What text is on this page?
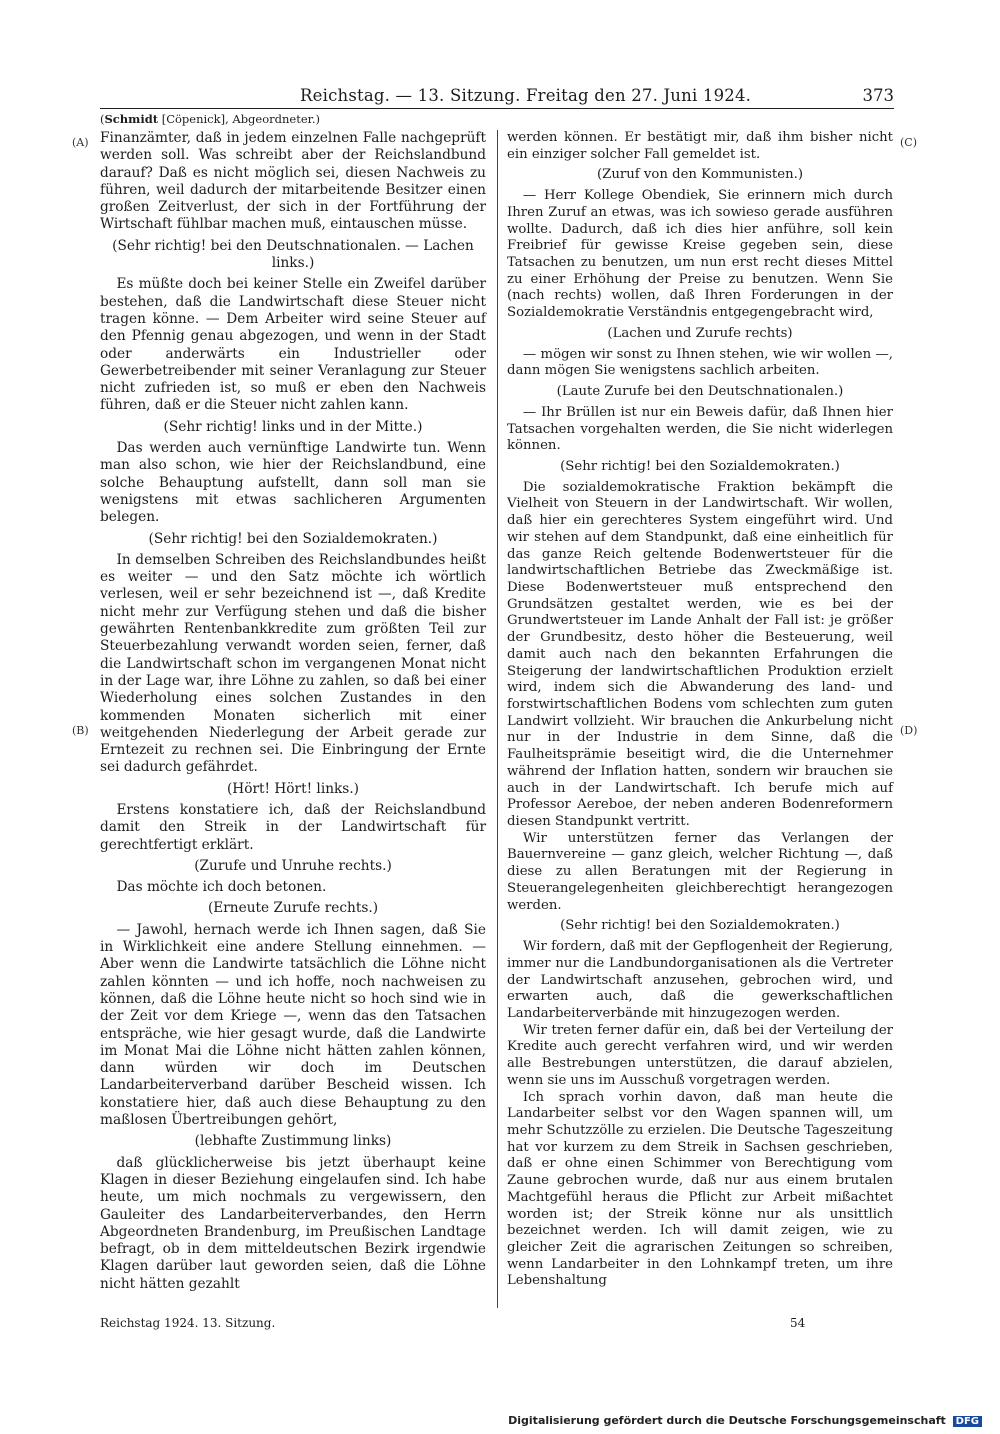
Reichstag. — 13. Sitzung. Freitag den 27. Juni 1924.	373
(Schmidt [Cöpenick], Abgeordneter.)
(A)
(B)
(C)
(D)
Finanzämter, daß in jedem einzelnen Falle nachgeprüft werden soll. Was schreibt aber der Reichslandbund darauf? Daß es nicht möglich sei, diesen Nachweis zu führen, weil dadurch der mitarbeitende Besitzer einen großen Zeitverlust, der sich in der Fortführung der Wirtschaft fühlbar machen muß, eintauschen müsse.
(Sehr richtig! bei den Deutschnationalen. — Lachen links.)
Es müßte doch bei keiner Stelle ein Zweifel darüber bestehen, daß die Landwirtschaft diese Steuer nicht tragen könne. — Dem Arbeiter wird seine Steuer auf den Pfennig genau abgezogen, und wenn in der Stadt oder anderwärts ein Industrieller oder Gewerbetreibender mit seiner Veranlagung zur Steuer nicht zufrieden ist, so muß er eben den Nachweis führen, daß er die Steuer nicht zahlen kann.
(Sehr richtig! links und in der Mitte.)
Das werden auch vernünftige Landwirte tun. Wenn man also schon, wie hier der Reichslandbund, eine solche Behauptung aufstellt, dann soll man sie wenigstens mit etwas sachlicheren Argumenten belegen.
(Sehr richtig! bei den Sozialdemokraten.)
In demselben Schreiben des Reichslandbundes heißt es weiter — und den Satz möchte ich wörtlich verlesen, weil er sehr bezeichnend ist —, daß Kredite nicht mehr zur Verfügung stehen und daß die bisher gewährten Rentenbankkredite zum größten Teil zur Steuerbezahlung verwandt worden seien, ferner, daß die Landwirtschaft schon im vergangenen Monat nicht in der Lage war, ihre Löhne zu zahlen, so daß bei einer Wiederholung eines solchen Zustandes in den kommenden Monaten sicherlich mit einer weitgehenden Niederlegung der Arbeit gerade zur Erntezeit zu rechnen sei. Die Einbringung der Ernte sei dadurch gefährdet.
(Hört! Hört! links.)
Erstens konstatiere ich, daß der Reichslandbund damit den Streik in der Landwirtschaft für gerechtfertigt erklärt.
(Zurufe und Unruhe rechts.)
Das möchte ich doch betonen.
(Erneute Zurufe rechts.)
— Jawohl, hernach werde ich Ihnen sagen, daß Sie in Wirklichkeit eine andere Stellung einnehmen. — Aber wenn die Landwirte tatsächlich die Löhne nicht zahlen könnten — und ich hoffe, noch nachweisen zu können, daß die Löhne heute nicht so hoch sind wie in der Zeit vor dem Kriege —, wenn das den Tatsachen entspräche, wie hier gesagt wurde, daß die Landwirte im Monat Mai die Löhne nicht hätten zahlen können, dann würden wir doch im Deutschen Landarbeiterverband darüber Bescheid wissen. Ich konstatiere hier, daß auch diese Behauptung zu den maßlosen Übertreibungen gehört,
(lebhafte Zustimmung links)
daß glücklicherweise bis jetzt überhaupt keine Klagen in dieser Beziehung eingelaufen sind. Ich habe heute, um mich nochmals zu vergewissern, den Gauleiter des Landarbeiterverbandes, den Herrn Abgeordneten Brandenburg, im Preußischen Landtage befragt, ob in dem mitteldeutschen Bezirk irgendwie Klagen darüber laut geworden seien, daß die Löhne nicht hätten gezahlt
werden können. Er bestätigt mir, daß ihm bisher nicht ein einziger solcher Fall gemeldet ist.
(Zuruf von den Kommunisten.)
— Herr Kollege Obendiek, Sie erinnern mich durch Ihren Zuruf an etwas, was ich sowieso gerade ausführen wollte. Dadurch, daß ich dies hier anführe, soll kein Freibrief für gewisse Kreise gegeben sein, diese Tatsachen zu benutzen, um nun erst recht dieses Mittel zu einer Erhöhung der Preise zu benutzen. Wenn Sie (nach rechts) wollen, daß Ihren Forderungen in der Sozialdemokratie Verständnis entgegengebracht wird,
(Lachen und Zurufe rechts)
— mögen wir sonst zu Ihnen stehen, wie wir wollen —, dann mögen Sie wenigstens sachlich arbeiten.
(Laute Zurufe bei den Deutschnationalen.)
— Ihr Brüllen ist nur ein Beweis dafür, daß Ihnen hier Tatsachen vorgehalten werden, die Sie nicht widerlegen können.
(Sehr richtig! bei den Sozialdemokraten.)
Die sozialdemokratische Fraktion bekämpft die Vielheit von Steuern in der Landwirtschaft. Wir wollen, daß hier ein gerechteres System eingeführt wird. Und wir stehen auf dem Standpunkt, daß eine einheitlich für das ganze Reich geltende Bodenwertsteuer für die landwirtschaftlichen Betriebe das Zweckmäßige ist. Diese Bodenwertsteuer muß entsprechend den Grundsätzen gestaltet werden, wie es bei der Grundwertsteuer im Lande Anhalt der Fall ist: je größer der Grundbesitz, desto höher die Besteuerung, weil damit auch nach den bekannten Erfahrungen die Steigerung der landwirtschaftlichen Produktion erzielt wird, indem sich die Abwanderung des land- und forstwirtschaftlichen Bodens vom schlechten zum guten Landwirt vollzieht. Wir brauchen die Ankurbelung nicht nur in der Industrie in dem Sinne, daß die Faulheitsprämie beseitigt wird, die die Unternehmer während der Inflation hatten, sondern wir brauchen sie auch in der Landwirtschaft. Ich berufe mich auf Professor Aereboe, der neben anderen Bodenreformern diesen Standpunkt vertritt.
Wir unterstützen ferner das Verlangen der Bauernvereine — ganz gleich, welcher Richtung —, daß diese zu allen Beratungen mit der Regierung in Steuerangelegenheiten gleichberechtigt herangezogen werden.
(Sehr richtig! bei den Sozialdemokraten.)
Wir fordern, daß mit der Gepflogenheit der Regierung, immer nur die Landbundorganisationen als die Vertreter der Landwirtschaft anzusehen, gebrochen wird, und erwarten auch, daß die gewerkschaftlichen Landarbeiterverbände mit hinzugezogen werden.
Wir treten ferner dafür ein, daß bei der Verteilung der Kredite auch gerecht verfahren wird, und wir werden alle Bestrebungen unterstützen, die darauf abzielen, wenn sie uns im Ausschuß vorgetragen werden.
Ich sprach vorhin davon, daß man heute die Landarbeiter selbst vor den Wagen spannen will, um mehr Schutzzölle zu erzielen. Die Deutsche Tageszeitung hat vor kurzem zu dem Streik in Sachsen geschrieben, daß er ohne einen Schimmer von Berechtigung vom Zaune gebrochen wurde, daß nur aus einem brutalen Machtgefühl heraus die Pflicht zur Arbeit mißachtet worden ist; der Streik könne nur als unsittlich bezeichnet werden. Ich will damit zeigen, wie zu gleicher Zeit die agrarischen Zeitungen so schreiben, wenn Landarbeiter in den Lohnkampf treten, um ihre Lebenshaltung
Reichstag 1924. 13. Sitzung.	54
Digitalisierung gefördert durch die Deutsche Forschungsgemeinschaft DFG
